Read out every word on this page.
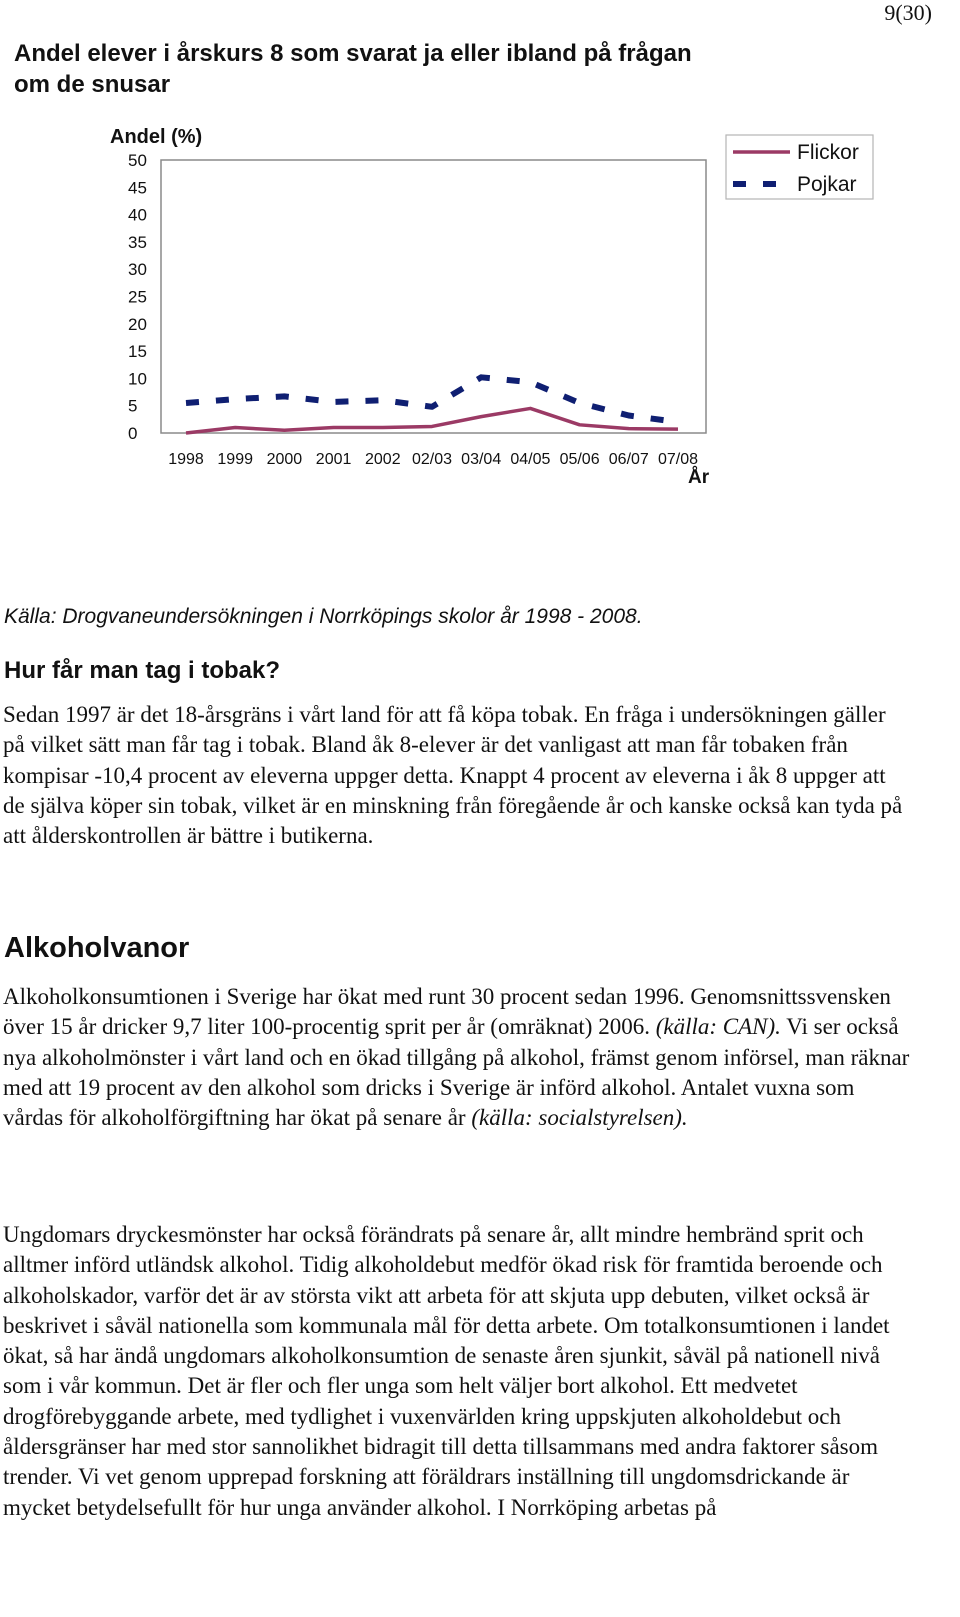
9(30)
Andel elever i årskurs 8 som svarat ja eller ibland på frågan om de snusar
50
45
40
35
30
25
20
15
10
5
0
1998 1999 2000 2001 2002 02/03 03/04 04/05 05/06 06/07 07/08
Flickor
Pojkar
Andel (%)
År
Källa: Drogvaneundersökningen i Norrköpings skolor år 1998 - 2008.
Hur får man tag i tobak?

Sedan 1997 är det 18-årsgräns i vårt land för att få köpa tobak. En fråga i undersökningen gäller på vilket sätt man får tag i tobak. Bland åk 8-elever är det vanligast att man får tobaken från kompisar -10,4 procent av eleverna uppger detta. Knappt 4 procent av eleverna i åk 8 uppger att de själva köper sin tobak, vilket är en minskning från föregående år och kanske också kan tyda på att ålderskontrollen är bättre i butikerna.

Alkoholvanor

Alkoholkonsumtionen i Sverige har ökat med runt 30 procent sedan 1996. Genomsnittssvensken över 15 år dricker 9,7 liter 100-procentig sprit per år (omräknat) 2006. (källa: CAN). Vi ser också nya alkoholmönster i vårt land och en ökad tillgång på alkohol, främst genom införsel, man räknar med att 19 procent av den alkohol som dricks i Sverige är införd alkohol. Antalet vuxna som vårdas för alkoholförgiftning har ökat på senare år (källa: socialstyrelsen).

Ungdomars dryckesmönster har också förändrats på senare år, allt mindre hembränd sprit och alltmer införd utländsk alkohol. Tidig alkoholdebut medför ökad risk för framtida beroende och alkoholskador, varför det är av största vikt att arbeta för att skjuta upp debuten, vilket också är beskrivet i såväl nationella som kommunala mål för detta arbete. Om totalkonsumtionen i landet ökat, så har ändå ungdomars alkoholkonsumtion de senaste åren sjunkit, såväl på nationell nivå som i vår kommun. Det är fler och fler unga som helt väljer bort alkohol. Ett medvetet drogförebyggande arbete, med tydlighet i vuxenvärlden kring uppskjuten alkoholdebut och åldersgränser har med stor sannolikhet bidragit till detta tillsammans med andra faktorer såsom trender. Vi vet genom upprepad forskning att föräldrars inställning till ungdomsdrickande är mycket betydelsefullt för hur unga använder alkohol. I Norrköping arbetas på
